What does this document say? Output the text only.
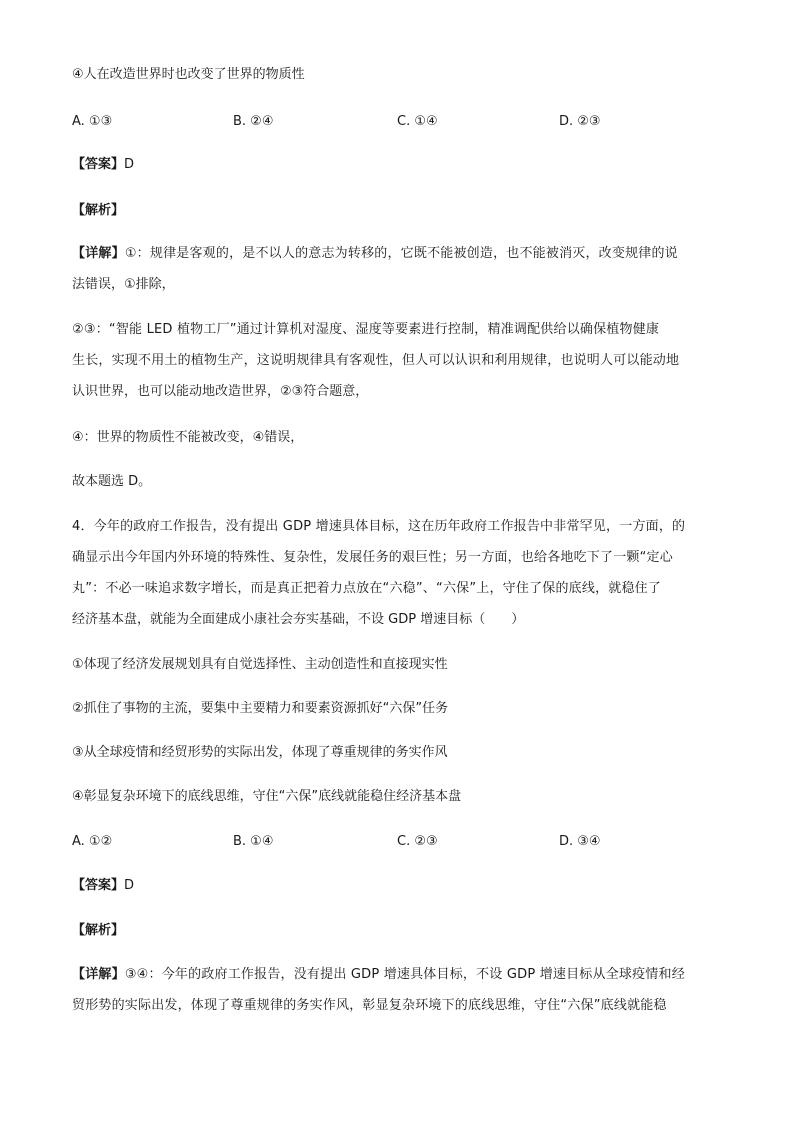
④人在改造世界时也改变了世界的物质性
A. ①③	B. ②④	C. ①④	D. ②③
【答案】D
【解析】
【详解】①：规律是客观的，是不以人的意志为转移的，它既不能被创造，也不能被消灭，改变规律的说
法错误，①排除，
②③：“智能 LED 植物工厂”通过计算机对湿度、湿度等要素进行控制，精准调配供给以确保植物健康
生长，实现不用土的植物生产，这说明规律具有客观性，但人可以认识和利用规律，也说明人可以能动地
认识世界，也可以能动地改造世界，②③符合题意，
④：世界的物质性不能被改变，④错误，
故本题选 D。
4．今年的政府工作报告，没有提出 GDP 增速具体目标，这在历年政府工作报告中非常罕见，一方面，的
确显示出今年国内外环境的特殊性、复杂性，发展任务的艰巨性；另一方面，也给各地吃下了一颗“定心
丸”：不必一味追求数字增长，而是真正把着力点放在“六稳”、“六保”上，守住了保的底线，就稳住了
经济基本盘，就能为全面建成小康社会夯实基础，不设 GDP 增速目标（　　）
①体现了经济发展规划具有自觉选择性、主动创造性和直接现实性
②抓住了事物的主流，要集中主要精力和要素资源抓好“六保”任务
③从全球疫情和经贸形势的实际出发，体现了尊重规律的务实作风
④彰显复杂环境下的底线思维，守住“六保”底线就能稳住经济基本盘
A. ①②	B. ①④	C. ②③	D. ③④
【答案】D
【解析】
【详解】③④：今年的政府工作报告，没有提出 GDP 增速具体目标，不设 GDP 增速目标从全球疫情和经
贸形势的实际出发，体现了尊重规律的务实作风，彰显复杂环境下的底线思维，守住“六保”底线就能稳
